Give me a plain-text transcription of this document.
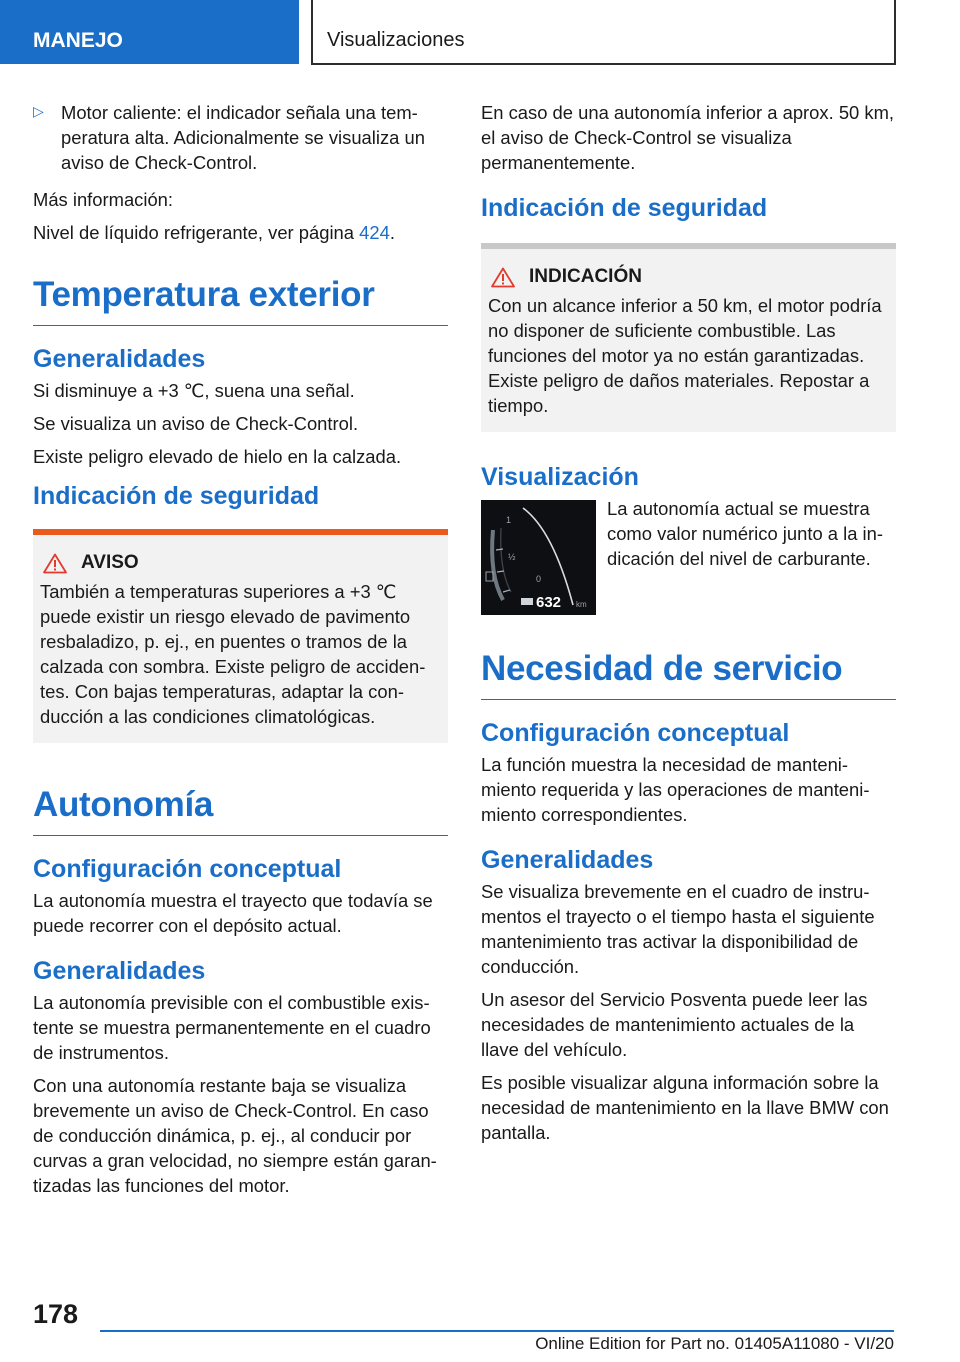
MANEJO	Visualizaciones
▷ Motor caliente: el indicador señala una temperatura alta. Adicionalmente se visualiza un aviso de Check-Control.

Más información:

Nivel de líquido refrigerante, ver página 424.

Temperatura exterior
Generalidades

Si disminuye a +3 ℃, suena una señal.

Se visualiza un aviso de Check-Control.

Existe peligro elevado de hielo en la calzada.

Indicación de seguridad
AVISO

También a temperaturas superiores a +3 ℃ puede existir un riesgo elevado de pavimento resbaladizo, p. ej., en puentes o tramos de la calzada con sombra. Existe peligro de accidentes. Con bajas temperaturas, adaptar la conducción a las condiciones climatológicas.

Autonomía
Configuración conceptual

La autonomía muestra el trayecto que todavía se puede recorrer con el depósito actual.

Generalidades

La autonomía previsible con el combustible existente se muestra permanentemente en el cuadro de instrumentos.

Con una autonomía restante baja se visualiza brevemente un aviso de Check-Control. En caso de conducción dinámica, p. ej., al conducir por curvas a gran velocidad, no siempre están garantizadas las funciones del motor.

En caso de una autonomía inferior a aprox. 50 km, el aviso de Check-Control se visualiza permanentemente.

Indicación de seguridad
INDICACIÓN

Con un alcance inferior a 50 km, el motor podría no disponer de suficiente combustible. Las funciones del motor ya no están garantizadas. Existe peligro de daños materiales. Repostar a tiempo.

Visualización
1
½
0
632 km

La autonomía actual se muestra como valor numérico junto a la indicación del nivel de carburante.

Necesidad de servicio
Configuración conceptual

La función muestra la necesidad de mantenimiento requerida y las operaciones de mantenimiento correspondientes.

Generalidades

Se visualiza brevemente en el cuadro de instrumentos el trayecto o el tiempo hasta el siguiente mantenimiento tras activar la disponibilidad de conducción.

Un asesor del Servicio Posventa puede leer las necesidades de mantenimiento actuales de la llave del vehículo.

Es posible visualizar alguna información sobre la necesidad de mantenimiento en la llave BMW con pantalla.

178
Online Edition for Part no. 01405A11080 - VI/20
